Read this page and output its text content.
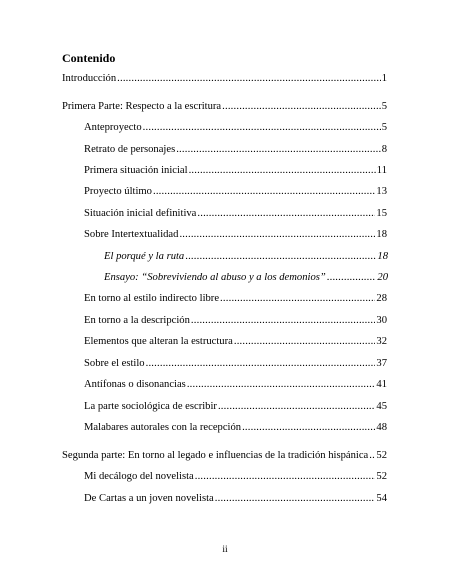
Contenido
Introducción .....	1
Primera Parte: Respecto a la escritura .....	5
Anteproyecto .....	5
Retrato de personajes .....	8
Primera situación inicial .....	11
Proyecto último .....	13
Situación inicial definitiva .....	15
Sobre Intertextualidad .....	18
El porqué y la ruta .....	18
Ensayo: “Sobreviviendo al abuso y a los demonios” .....	20
En torno al estilo indirecto libre .....	28
En torno a la descripción .....	30
Elementos que alteran la estructura .....	32
Sobre el estilo .....	37
Antífonas o disonancias .....	41
La parte sociológica de escribir .....	45
Malabares autorales con la recepción .....	48
Segunda parte: En torno al legado e influencias de la tradición hispánica ..... 52
Mi decálogo del novelista .....	52
De Cartas a un joven novelista .....	54
ii
